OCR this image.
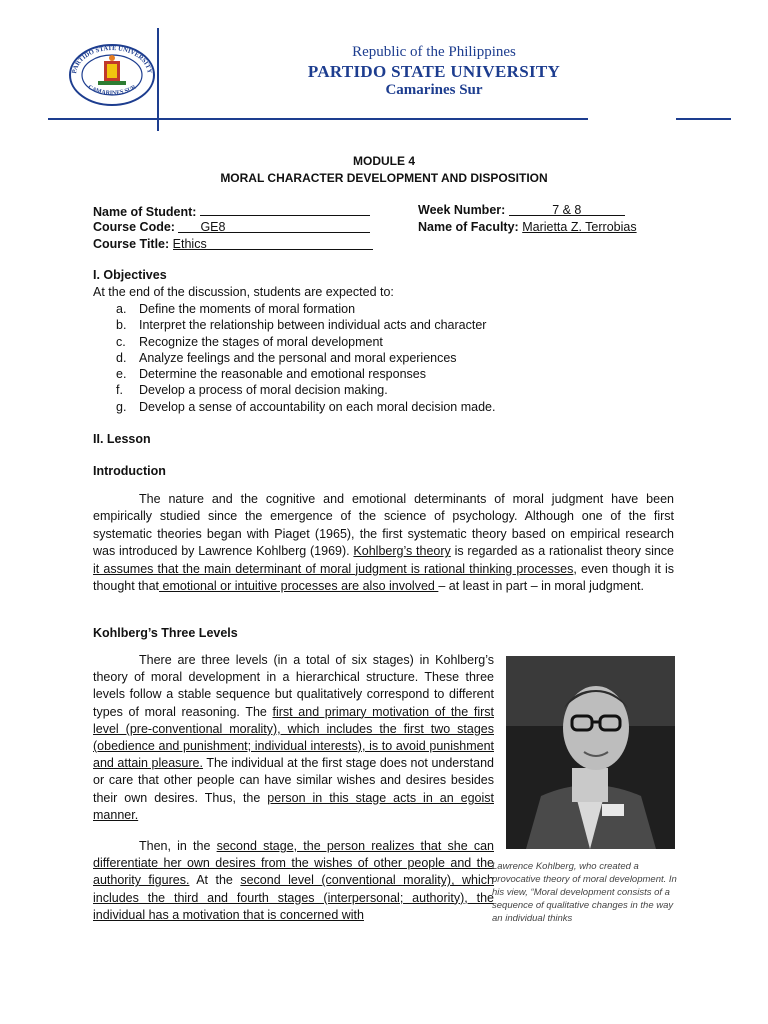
PARTIDO STATE UNIVERSITY
CAMARINES SUR
Republic of the Philippines
PARTIDO STATE UNIVERSITY
Camarines Sur
MODULE 4
MORAL CHARACTER DEVELOPMENT AND DISPOSITION
Name of Student:
Course Code: GE8
Course Title: Ethics
Week Number:	7 & 8
Name of Faculty: Marietta Z. Terrobias
I. Objectives
At the end of the discussion, students are expected to:
a.	Define the moments of moral formation
b.	Interpret the relationship between individual acts and character
c.	Recognize the stages of moral development
d.	Analyze feelings and the personal and moral experiences
e.	Determine the reasonable and emotional responses
f.	Develop a process of moral decision making.
g.	Develop a sense of accountability on each moral decision made.
II. Lesson
Introduction

The nature and the cognitive and emotional determinants of moral judgment have been empirically studied since the emergence of the science of psychology. Although one of the first systematic theories began with Piaget (1965), the first systematic theory based on empirical research was introduced by Lawrence Kohlberg (1969). Kohlberg’s theory is regarded as a rationalist theory since it assumes that the main determinant of moral judgment is rational thinking processes, even though it is thought that emotional or intuitive processes are also involved – at least in part – in moral judgment.

Kohlberg’s Three Levels

There are three levels (in a total of six stages) in Kohlberg’s theory of moral development in a hierarchical structure. These three levels follow a stable sequence but qualitatively correspond to different types of moral reasoning. The first and primary motivation of the first level (pre-conventional morality), which includes the first two stages (obedience and punishment; individual interests), is to avoid punishment and attain pleasure. The individual at the first stage does not understand or care that other people can have similar wishes and desires besides their own desires. Thus, the person in this stage acts in an egoist manner.

Then, in the second stage, the person realizes that she can differentiate her own desires from the wishes of other people and the authority figures. At the second level (conventional morality), which includes the third and fourth stages (interpersonal; authority), the individual has a motivation that is concerned with

Lawrence Kohlberg, who created a provocative theory of moral development. In his view, “Moral development consists of a sequence of qualitative changes in the way an individual thinks
